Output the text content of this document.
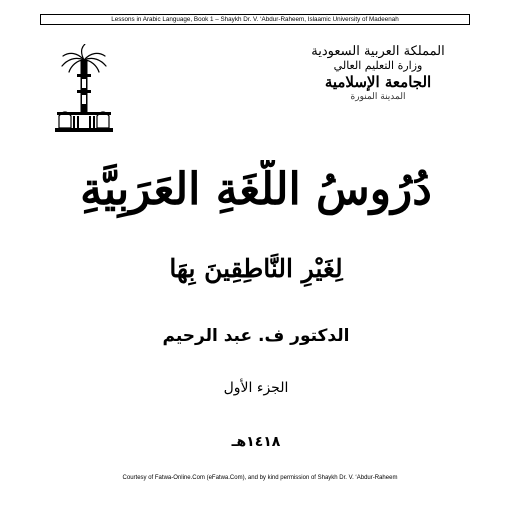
Lessons in Arabic Language, Book 1 – Shaykh Dr. V. ‘Abdur-Raheem, Islaamic University of Madeenah
المملكة العربية السعودية
وزارة التعليم العالي
الجامعة الإسلامية
المدينة المنورة
دُرُوسُ اللُّغَةِ العَرَبِيَّةِ
لِغَيْرِ النَّاطِقِينَ بِهَا
الدكتور ف. عبد الرحيم
الجزء الأول
١٤١٨هـ
Courtesy of Fatwa-Online.Com (eFatwa.Com), and by kind permission of Shaykh Dr. V. ‘Abdur-Raheem
